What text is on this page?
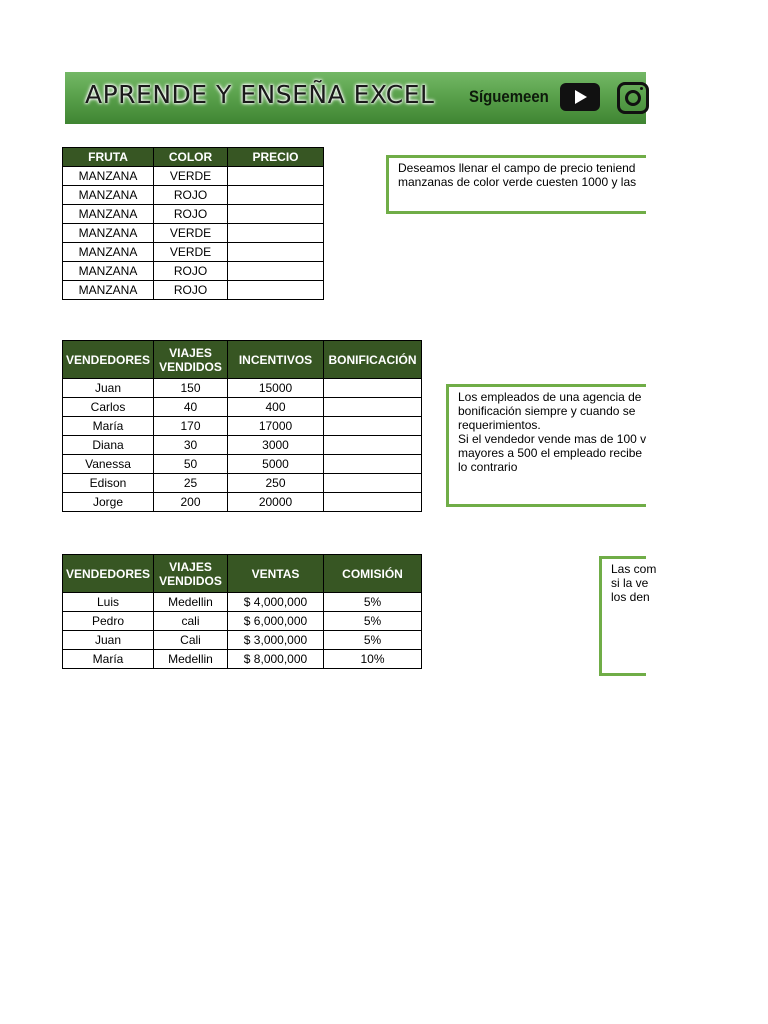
APRENDE Y ENSEÑA EXCEL Síguemeen
FRUTA	COLOR	PRECIO
MANZANA	VERDE	
MANZANA	ROJO	
MANZANA	ROJO	
MANZANA	VERDE	
MANZANA	VERDE	
MANZANA	ROJO	
MANZANA	ROJO	
Deseamos llenar el campo de precio teniend
manzanas de color verde cuesten 1000 y las
VENDEDORES	VIAJES VENDIDOS	INCENTIVOS	BONIFICACIÓN
Juan	150	15000	
Carlos	40	400	
María	170	17000	
Diana	30	3000	
Vanessa	50	5000	
Edison	25	250	
Jorge	200	20000	
Los empleados de una agencia de
bonificación siempre y cuando se
requerimientos.
Si el vendedor vende mas de 100 v
mayores a 500 el empleado recibe
lo contrario
VENDEDORES	VIAJES VENDIDOS	VENTAS	COMISIÓN
Luis	Medellin	$ 4,000,000	5%
Pedro	cali	$ 6,000,000	5%
Juan	Cali	$ 3,000,000	5%
María	Medellin	$ 8,000,000	10%
Las com
si la ve
los den
